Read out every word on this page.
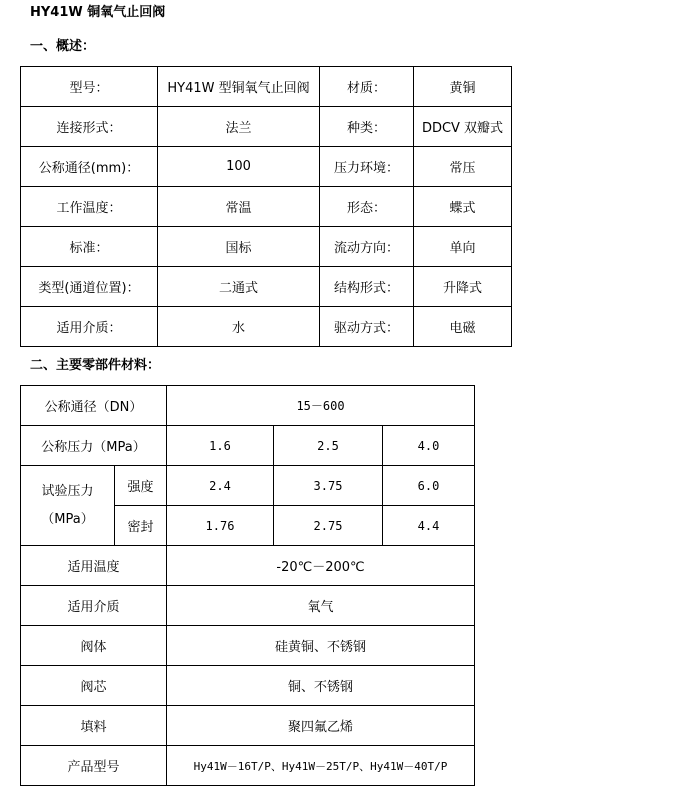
HY41W 铜氧气止回阀
一、概述：
型号：	HY41W 型铜氧气止回阀	材质：	黄铜
连接形式：	法兰	种类：	DDCV 双瓣式
公称通径(mm)：	100	压力环境：	常压
工作温度：	常温	形态：	蝶式
标准：	国标	流动方向：	单向
类型(通道位置)：	二通式	结构形式：	升降式
适用介质：	水	驱动方式：	电磁
二、主要零部件材料：
公称通径（DN）		15－600		
公称压力（MPa）		1.6	2.5	4.0

试验压力
（MPa）	强度	2.4	3.75	6.0
	密封	1.76	2.75	4.4
适用温度		-20℃－200℃		
适用介质		氧气		
阀体		硅黄铜、不锈钢		
阀芯		铜、不锈钢		
填料		聚四氟乙烯		
产品型号		Hy41W－16T/P、Hy41W－25T/P、Hy41W－40T/P		
